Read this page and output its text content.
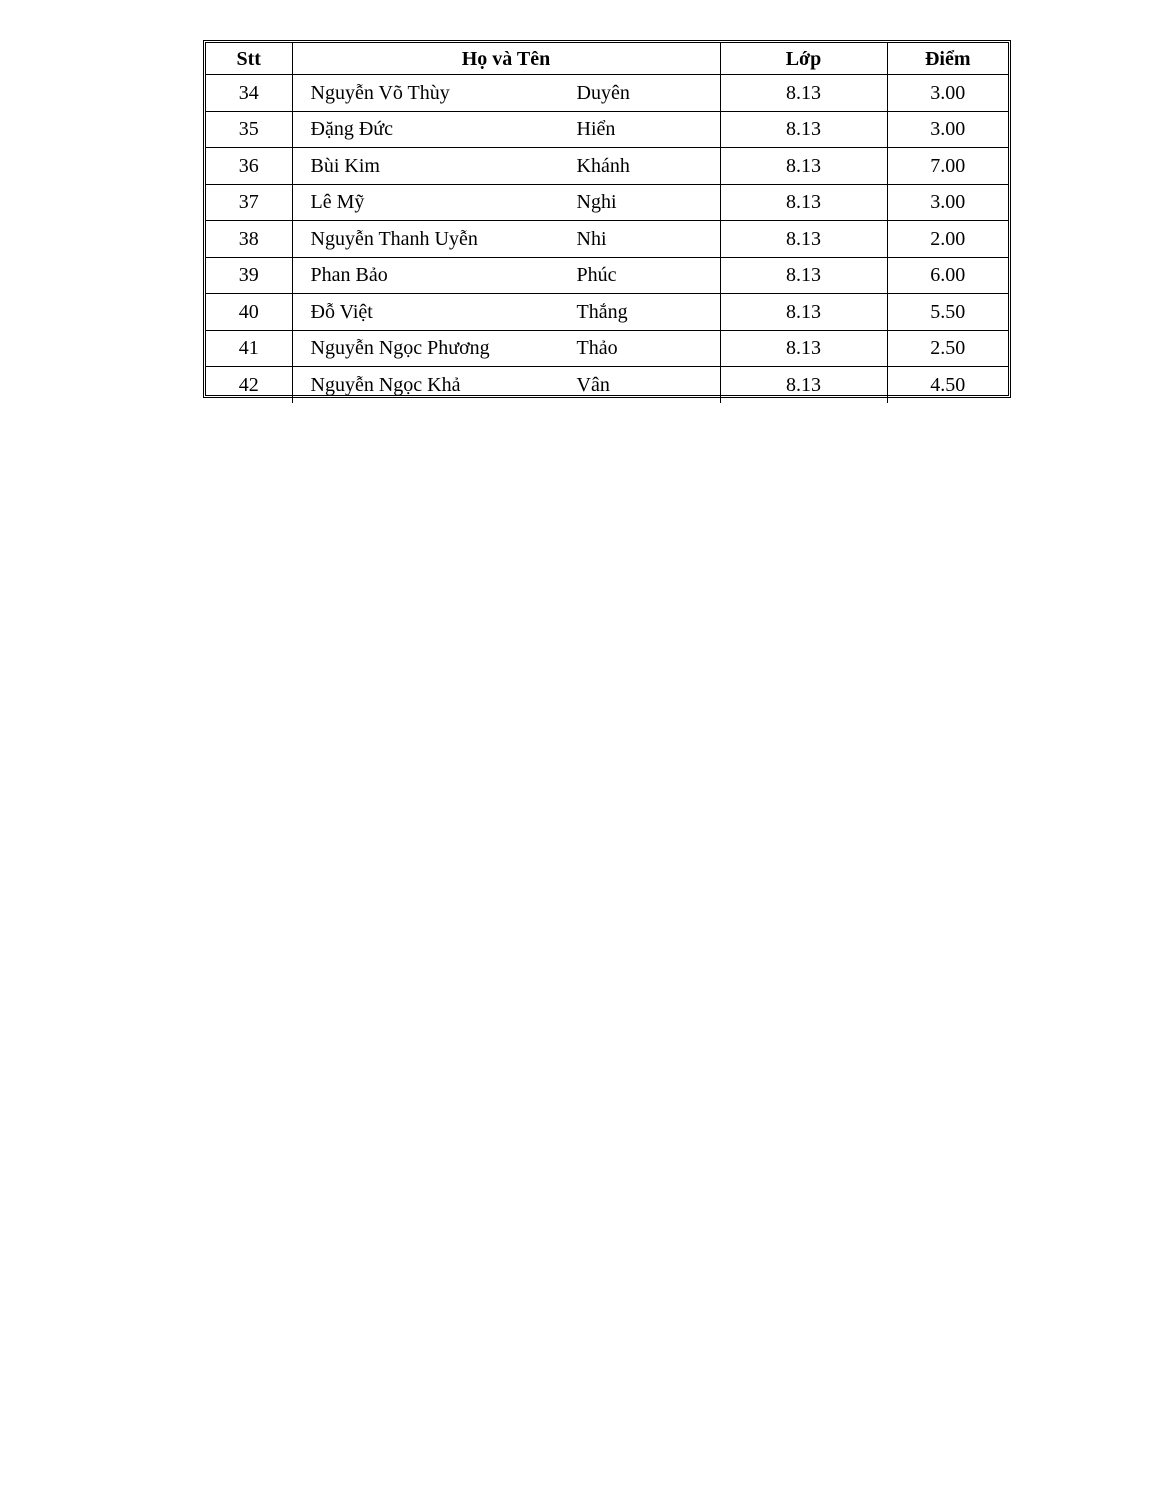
Stt	Họ và Tên	Lớp	Điểm
34	Nguyễn Võ Thùy Duyên	8.13	3.00
35	Đặng Đức Hiển	8.13	3.00
36	Bùi Kim Khánh	8.13	7.00
37	Lê Mỹ Nghi	8.13	3.00
38	Nguyễn Thanh Uyễn Nhi	8.13	2.00
39	Phan Bảo Phúc	8.13	6.00
40	Đỗ Việt Thắng	8.13	5.50
41	Nguyễn Ngọc Phương Thảo	8.13	2.50
42	Nguyễn Ngọc Khả Vân	8.13	4.50
